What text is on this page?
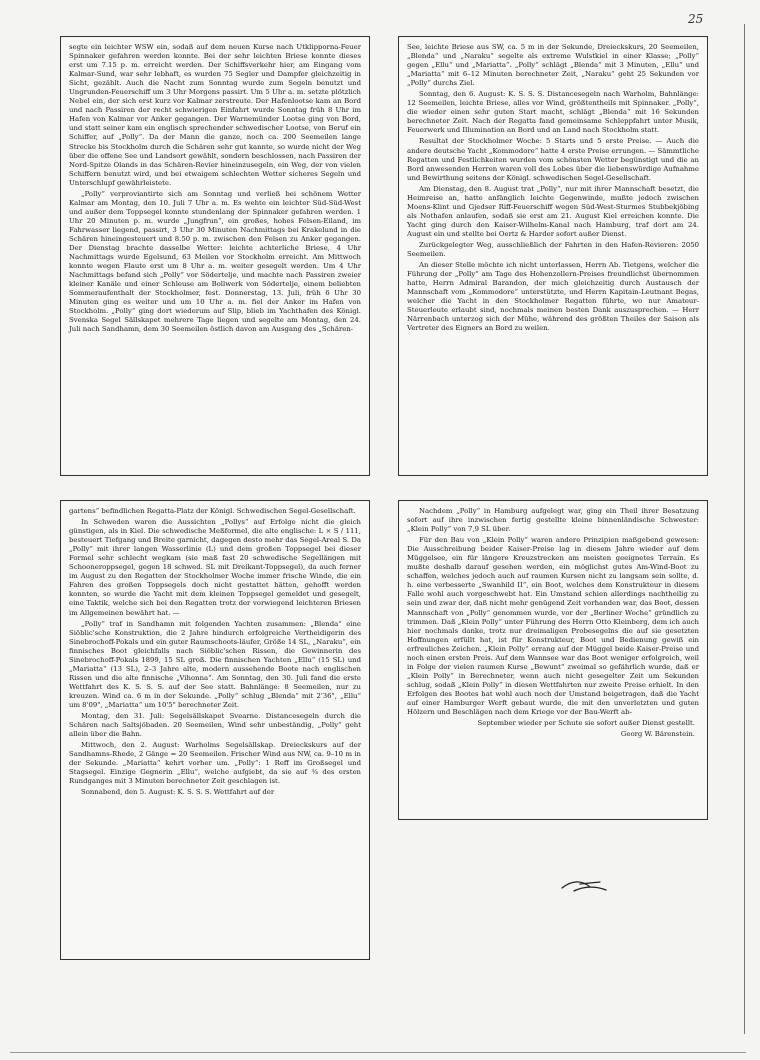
25

segte ein leichter WSW ein, sodaß auf dem neuen Kurse nach Utklipporna-Feuer Spinnaker gefahren werden konnte. Bei der sehr leichten Briese konnte dieses erst um 7.15 p. m. erreicht werden. Der Schiffsverkehr hier, am Eingang vom Kalmar-Sund, war sehr lebhaft, es wurden 75 Segler und Dampfer gleichzeitig in Sicht, gezählt. Auch die Nacht zum Sonntag wurde zum Segeln benutzt und Ungrunden-Feuerschiff um 3 Uhr Morgens passirt. Um 5 Uhr a. m. setzte plötzlich Nebel ein, der sich erst kurz vor Kalmar zerstreute. Der Hafenlootse kam an Bord und nach Passiren der recht schwierigen Einfahrt wurde Sonntag früh 8 Uhr im Hafen von Kalmar vor Anker gegangen. Der Warnemünder Lootse ging von Bord, und statt seiner kam ein englisch sprechender schwedischer Lootse, von Beruf ein Schiffer, auf „Polly“. Da der Mann die ganze, noch ca. 200 Seemeilen lange Strecke bis Stockholm durch die Schären sehr gut kannte, so wurde nicht der Weg über die offene See und Landsort gewählt, sondern beschlossen, nach Passiren der Nord-Spitze Olands in das Schären-Revier hineinzusegeln, ein Weg, der von vielen Schiffern benutzt wird, und bei etwaigem schlechten Wetter sicheres Segeln und Unterschlupf gewährleistete.

„Polly“ verproviantirte sich am Sonntag und verließ bei schönem Wetter Kalmar am Montag, den 10. Juli 7 Uhr a. m. Es wehte ein leichter Süd-Süd-West und außer dem Toppsegel konnte stundenlang der Spinnaker gefahren werden. 1 Uhr 20 Minuten p. m. wurde „Jungfrun“, ein großes, hohes Felsen-Eiland, im Fahrwasser liegend, passirt, 3 Uhr 30 Minuten Nachmittags bei Krakelund in die Schären hineingesteuert und 8.50 p. m. zwischen den Felsen zu Anker gegangen. Der Dienstag brachte dasselbe Wetter: leichte achterliche Briese, 4 Uhr Nachmittags wurde Egelsund, 63 Meilen vor Stockholm erreicht. Am Mittwoch konnte wegen Flaute erst um 8 Uhr a. m. weiter gesegelt werden. Um 4 Uhr Nachmittags befand sich „Polly“ vor Södertelje, und machte nach Passiren zweier kleiner Kanäle und einer Schleuse am Bollwerk von Södertelje, einem beliebten Sommeraufenthalt der Stockholmer, fest. Donnerstag, 13. Juli, früh 6 Uhr 30 Minuten ging es weiter und um 10 Uhr a. m. fiel der Anker im Hafen von Stockholm. „Polly“ ging dort wiederum auf Slip, blieb im Yachthafen des Königl. Svenska Segel Sällskapet mehrere Tage liegen und segelte am Montag, den 24. Juli nach Sandhamn, dem 30 Seemeilen östlich davon am Ausgang des „Schären-

See, leichte Briese aus SW, ca. 5 m in der Sekunde, Dreieckskurs, 20 Seemeilen, „Blenda“ und „Naraku“ segelte als extreme Wulstkiel in einer Klasse; „Polly“ gegen „Ellu“ und „Mariatta“. „Polly“ schlägt „Blenda“ mit 3 Minuten, „Ellu“ und „Mariatta“ mit 6–12 Minuten berechneter Zeit, „Naraku“ geht 25 Sekunden vor „Polly“ durchs Ziel.

Sonntag, den 6. August: K. S. S. S. Distancesegeln nach Warholm, Bahnlänge: 12 Seemeilen, leichte Briese, alles vor Wind, größtentheils mit Spinnaker. „Polly“, die wieder einen sehr guten Start macht, schlägt „Blenda“ mit 16 Sekunden berechneter Zeit. Nach der Regatta fand gemeinsame Schleppfahrt unter Musik, Feuerwerk und Illumination an Bord und an Land nach Stockholm statt.

Resultat der Stockholmer Woche: 5 Starts und 5 erste Preise. — Auch die andere deutsche Yacht „Kommodore“ hatte 4 erste Preise errungen. — Sämmtliche Regatten und Festlichkeiten wurden vom schönsten Wetter begünstigt und die an Bord anwesenden Herren waren voll des Lobes über die liebenswürdige Aufnahme und Bewirthung seitens der Königl. schwedischen Segel-Gesellschaft.

Am Dienstag, den 8. August trat „Polly“, nur mit ihrer Mannschaft besetzt, die Heimreise an, hatte anfänglich leichte Gegenwinde, mußte jedoch zwischen Moens-Klint und Gjedser Riff-Feuerschiff wegen Süd-West-Sturmes Stubbekjöbing als Nothafen anlaufen, sodaß sie erst am 21. August Kiel erreichen konnte. Die Yacht ging durch den Kaiser-Wilhelm-Kanal nach Hamburg, traf dort am 24. August ein und stellte bei Oertz & Harder sofort außer Dienst.

Zurückgelegter Weg, ausschließlich der Fahrten in den Hafen-Revieren: 2050 Seemeilen.

An dieser Stelle möchte ich nicht unterlassen, Herrn Ab. Tietgens, welcher die Führung der „Polly“ am Tage des Hohenzollern-Preises freundlichst übernommen hatte, Herrn Admiral Barandon, der mich gleichzeitig durch Austausch der Mannschaft vom „Kommodore“ unterstützte, und Herrn Kapitain-Leutnant Begas, welcher die Yacht in den Stockholmer Regatten führte, wo nur Amateur-Steuerleute erlaubt sind, nochmals meinen besten Dank auszusprechen. — Herr Närrenbach unterzog sich der Mühe, während des größten Theiles der Saison als Vertreter des Eigners an Bord zu weilen.

gartens“ befindlichen Regatta-Platz der Königl. Schwedischen Segel-Gesellschaft.

In Schweden waren die Aussichten „Pollys“ auf Erfolge nicht die gleich günstigen, als in Kiel. Die schwedische Meßformel, die alte englische: L × S / 111, besteuert Tiefgang und Breite garnicht, dagegen desto mehr das Segel-Areal S. Da „Polly“ mit ihrer langen Wasserlinie (L) und dem großen Toppsegel bei dieser Formel sehr schlecht wegkam (sie maß fast 20 schwedische Segellängen mit Schooneroppsegel, gegen 18 schwed. SL mit Dreikant-Toppsegel), da auch ferner im August zu den Regatten der Stockholmer Woche immer frische Winde, die ein Fahren des großen Toppsegels doch nicht gestattet hätten, gehofft werden konnten, so wurde die Yacht mit dem kleinen Toppsegel gemeldet und gesegelt, eine Taktik, welche sich bei den Regatten trotz der vorwiegend leichteren Briesen im Allgemeinen bewährt hat. —

„Polly“ traf in Sandhamn mit folgenden Yachten zusammen: „Blenda“ eine Siöblic'sche Konstruktion, die 2 Jahre hindurch erfolgreiche Vertheidigerin des Sinebrochoff-Pokals und ein guter Raumschoots-läufer, Größe 14 SL, „Naraku“, ein finnisches Boot gleichfalls nach Siöblic'schen Rissen, die Gewinnerin des Sinebrochoff-Pokals 1899, 15 SL groß. Die finnischen Yachten „Ellu“ (15 SL) und „Mariatta“ (13 SL), 2–3 Jahre alte, modern aussehende Boote nach englischen Rissen und die alte finnische „Vihonna“. Am Sonntag, den 30. Juli fand die erste Wettfahrt des K. S. S. S. auf der See statt. Bahnlänge: 8 Seemeilen, nur zu kreuzen. Wind ca. 6 m in der Sekunde. „Polly“ schlug „Blenda“ mit 2'36", „Ellu“ um 8'09", „Mariatta“ um 10'5" berechneter Zeit.

Montag, den 31. Juli: Segelsällskapet Svearne. Distancesegeln durch die Schären nach Saltsjöbaden. 20 Seemeilen, Wind sehr unbeständig, „Polly“ geht allein über die Bahn.

Mittwoch, den 2. August: Warholms Segelsällskap. Dreieckskurs auf der Sandhamns-Rhede, 2 Gänge = 20 Seemeilen. Frischer Wind aus NW, ca. 9–10 m in der Sekunde. „Mariatta“ kehrt vorher um. „Polly“: 1 Reff im Großsegel und Stagsegel. Einzige Gegnerin „Ellu“, welche aufgiebt, da sie auf ¾ des ersten Rundganges mit 3 Minuten berechneter Zeit geschlagen ist.

Sonnabend, den 5. August: K. S. S. S. Wettfahrt auf der

Nachdem „Polly“ in Hamburg aufgelegt war, ging ein Theil ihrer Besatzung sofort auf ihre inzwischen fertig gestellte kleine binnenländische Schwester: „Klein Polly“ von 7,9 SL über.

Für den Bau von „Klein Polly“ waren andere Prinzipien maßgebend gewesen: Die Ausschreibung beider Kaiser-Preise lag in diesem Jahre wieder auf dem Müggelsee, ein für längere Kreuzstrecken am meisten geeignetes Terrain. Es mußte deshalb darauf gesehen werden, ein möglichst gutes Am-Wind-Boot zu schaffen, welches jedoch auch auf raumen Kursen nicht zu langsam sein sollte, d. h. eine verbesserte „Swanhild II“, ein Boot, welches dem Konstrukteur in diesem Falle wohl auch vorgeschwebt hat. Ein Umstand schien allerdings nachtheilig zu sein und zwar der, daß nicht mehr genügend Zeit vorhanden war, das Boot, dessen Mannschaft von „Polly“ genommen wurde, vor der „Berliner Woche“ gründlich zu trimmen. Daß „Klein Polly“ unter Führung des Herrn Otto Kleinberg, dem ich auch hier nochmals danke, trotz nur dreimaligen Probesegelns die auf sie gesetzten Hoffnungen erfüllt hat, ist für Konstrukteur, Boot und Bedienung gewiß ein erfreuliches Zeichen. „Klein Polly“ errang auf der Müggel beide Kaiser-Preise und noch einen ersten Preis. Auf dem Wannsee war das Boot weniger erfolgreich, weil in Folge der vielen raumen Kurse „Bewunt“ zweimal so gefährlich wurde, daß er „Klein Polly“ in Berechneter, wenn auch nicht gesegelter Zeit um Sekunden schlug, sodaß „Klein Polly“ in diesen Wettfahrten nur zweite Preise erhielt. In den Erfolgen des Bootes hat wohl auch noch der Umstand beigetragen, daß die Yacht auf einer Hamburger Werft gebaut wurde, die mit den unverletzten und guten Hölzern und Beschlägen nach dem Kriege vor der Bau-Werft ab-

September wieder per Schute sie sofort außer Dienst gestellt.

Georg W. Bärenstein.
